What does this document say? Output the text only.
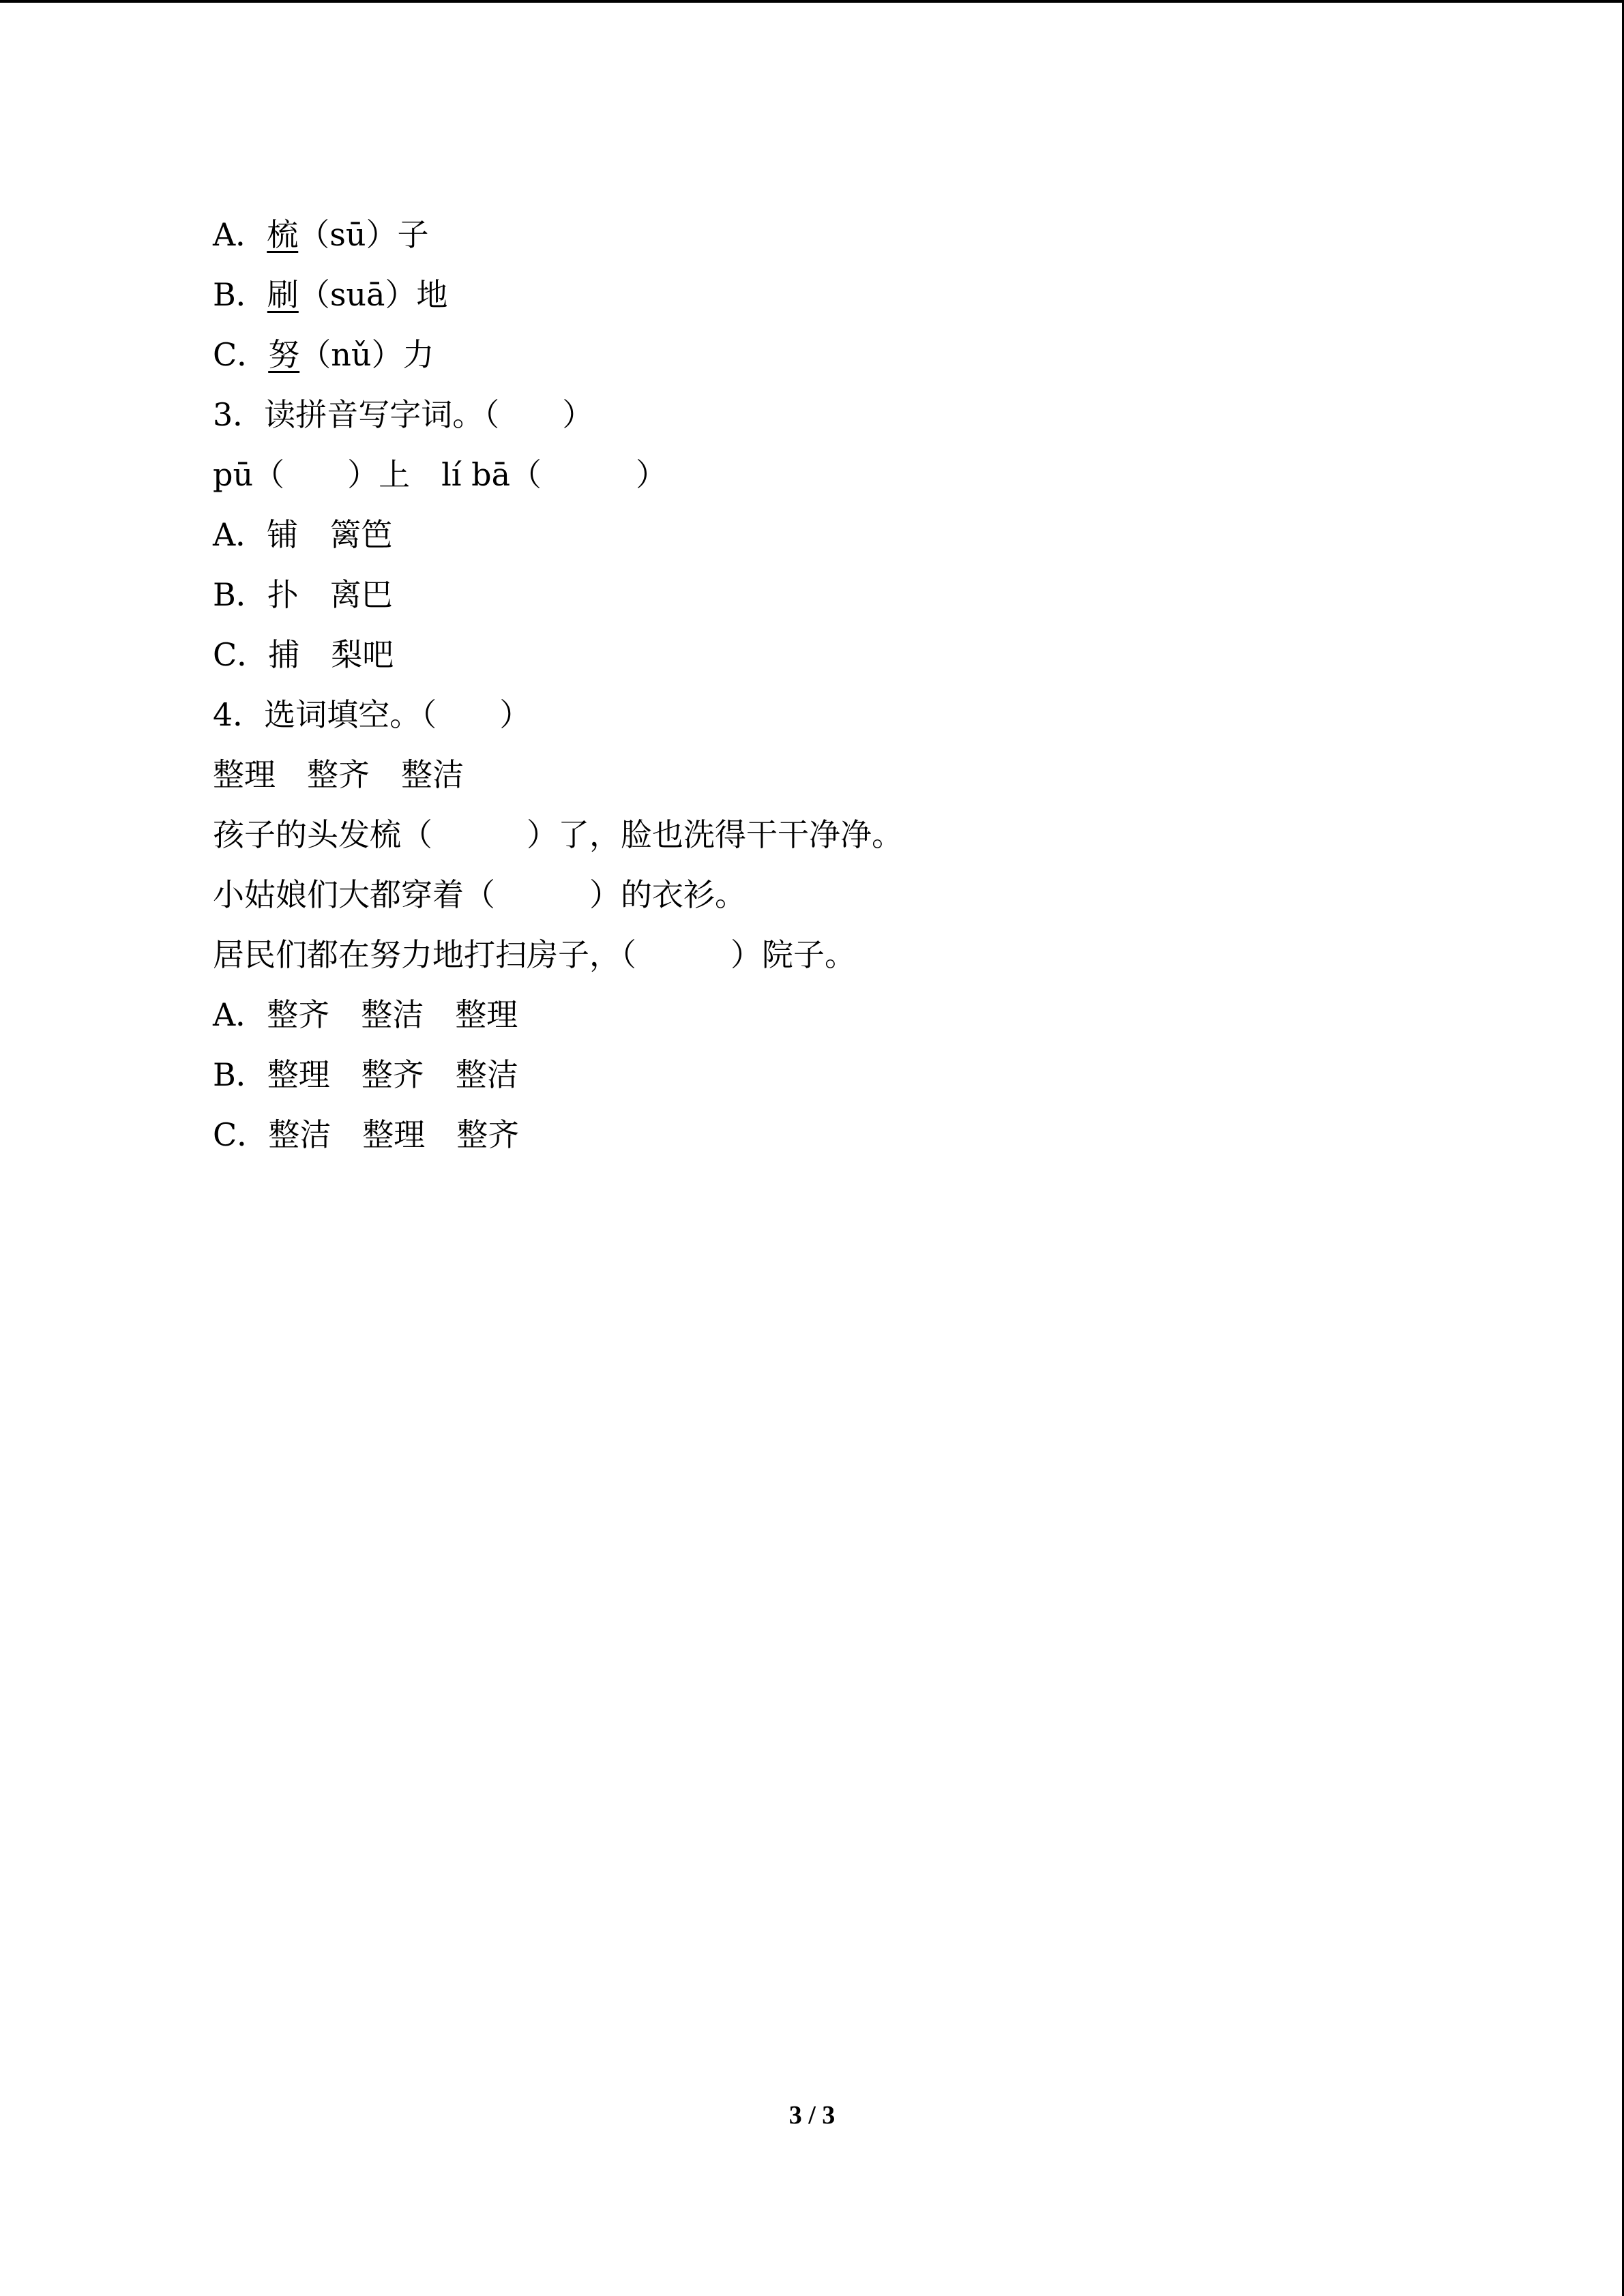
A．梳（sū）子
B．刷（suā）地
C．努（nǔ）力
3．读拼音写字词。（　　）
pū（　　）上　lí bā（　　　）
A．铺　篱笆
B．扑　离巴
C．捕　梨吧
4．选词填空。（　　）
整理　整齐　整洁
孩子的头发梳（　　　）了，脸也洗得干干净净。
小姑娘们大都穿着（　　　）的衣衫。
居民们都在努力地打扫房子，（　　　）院子。
A．整齐　整洁　整理
B．整理　整齐　整洁
C．整洁　整理　整齐
3 / 3
